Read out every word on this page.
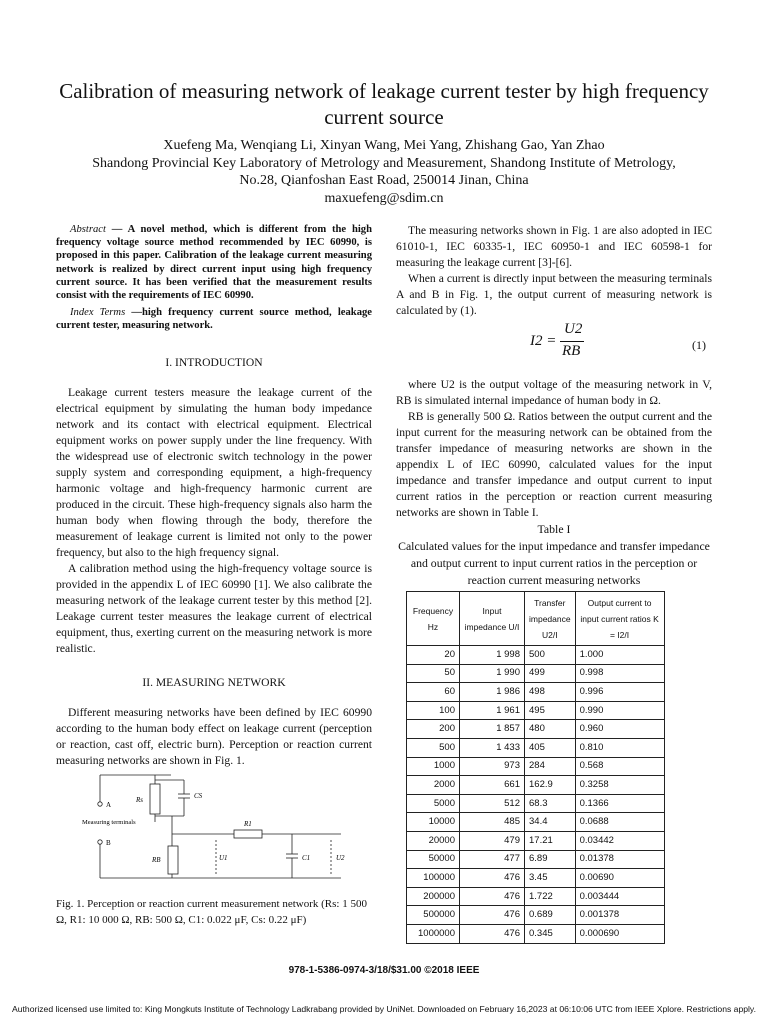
Calibration of measuring network of leakage current tester by high frequency current source
Xuefeng Ma, Wenqiang Li, Xinyan Wang, Mei Yang, Zhishang Gao, Yan Zhao
Shandong Provincial Key Laboratory of Metrology and Measurement, Shandong Institute of Metrology,
No.28, Qianfoshan East Road, 250014 Jinan, China
maxuefeng@sdim.cn

Abstract — A novel method, which is different from the high frequency voltage source method recommended by IEC 60990, is proposed in this paper. Calibration of the leakage current measuring network is realized by direct current input using high frequency current source. It has been verified that the measurement results consist with the requirements of IEC 60990.

Index Terms —high frequency current source method, leakage current tester, measuring network.

I. INTRODUCTION

Leakage current testers measure the leakage current of the electrical equipment by simulating the human body impedance network and its contact with electrical equipment. Electrical equipment works on power supply under the line frequency. With the widespread use of electronic switch technology in the power supply system and corresponding equipment, a high-frequency harmonic voltage and high-frequency harmonic current are produced in the circuit. These high-frequency signals also harm the human body when flowing through the body, therefore the measurement of leakage current is limited not only to the power frequency, but also to the high frequency signal.

A calibration method using the high-frequency voltage source is provided in the appendix L of IEC 60990 [1]. We also calibrate the measuring network of the leakage current tester by this method [2]. Leakage current tester measures the leakage current of electrical equipment, thus, exerting current on the measuring network is more realistic.

II. MEASURING NETWORK

Different measuring networks have been defined by IEC 60990 according to the human body effect on leakage current (perception or reaction, cast off, electric burn). Perception or reaction current measuring networks are shown in Fig. 1.

A
B
Measuring terminals
Rs	CS
RB	U1
R1
C1	U2
Fig. 1. Perception or reaction current measurement network (Rs: 1 500 Ω, R1: 10 000 Ω, RB: 500 Ω, C1: 0.022 μF, Cs: 0.22 μF)

The measuring networks shown in Fig. 1 are also adopted in IEC 61010-1, IEC 60335-1, IEC 60950-1 and IEC 60598-1 for measuring the leakage current [3]-[6].

When a current is directly input between the measuring terminals A and B in Fig. 1, the output current of measuring network is calculated by (1).

I2 =
U2
RB	(1)

where U2 is the output voltage of the measuring network in V, RB is simulated internal impedance of human body in Ω.

RB is generally 500 Ω. Ratios between the output current and the input current for the measuring network can be obtained from the transfer impedance of measuring networks are shown in the appendix L of IEC 60990, calculated values for the input impedance and transfer impedance and output current to input current ratios in the perception or reaction current measuring networks are shown in Table I.

Table I
Calculated values for the input impedance and transfer impedance and output current to input current ratios in the perception or reaction current measuring networks
Frequency Hz	Input impedance U/I	Transfer impedance U2/I	Output current to input current ratios K = I2/I
20	1 998	500	1.000
50	1 990	499	0.998
60	1 986	498	0.996
100	1 961	495	0.990
200	1 857	480	0.960
500	1 433	405	0.810
1000	973	284	0.568
2000	661	162.9	0.3258
5000	512	68.3	0.1366
10000	485	34.4	0.0688
20000	479	17.21	0.03442
50000	477	6.89	0.01378
100000	476	3.45	0.00690
200000	476	1.722	0.003444
500000	476	0.689	0.001378
1000000	476	0.345	0.000690
978-1-5386-0974-3/18/$31.00 ©2018 IEEE
Authorized licensed use limited to: King Mongkuts Institute of Technology Ladkrabang provided by UniNet. Downloaded on February 16,2023 at 06:10:06 UTC from IEEE Xplore. Restrictions apply.
